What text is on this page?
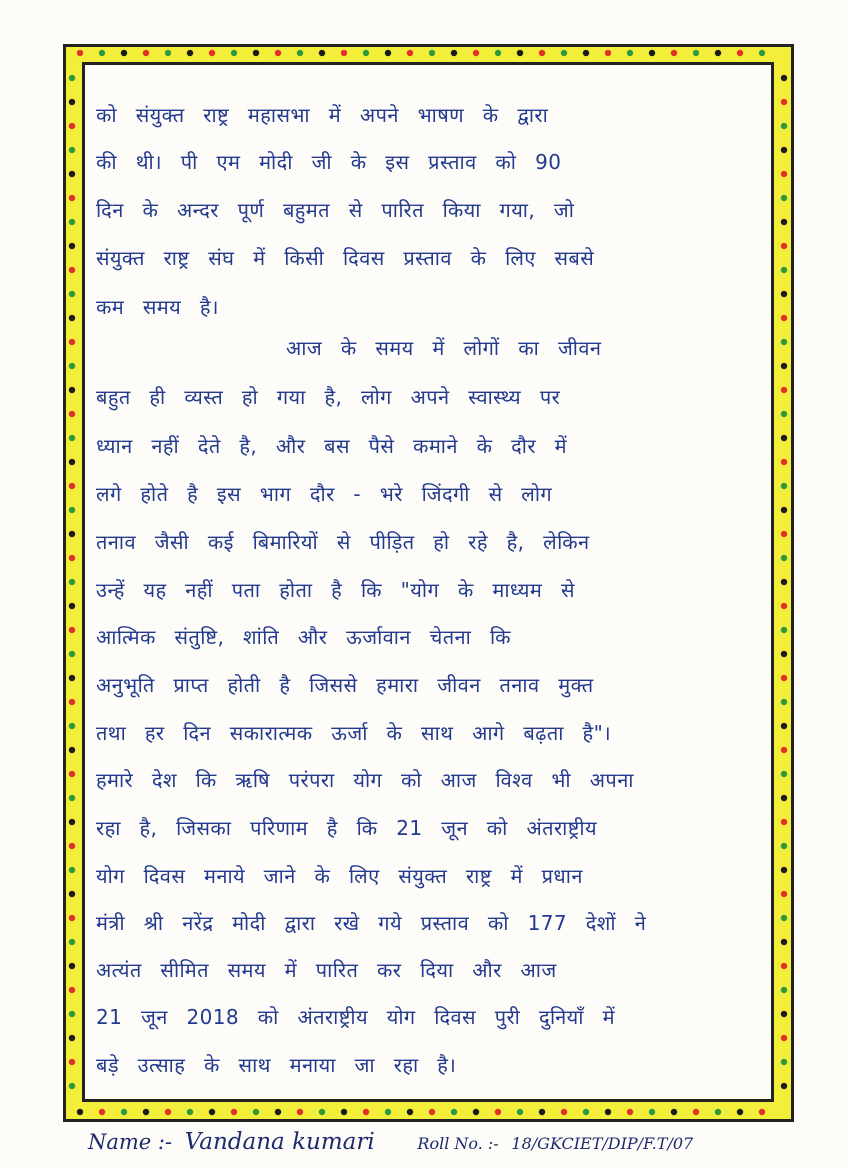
को संयुक्त राष्ट्र महासभा में अपने भाषण के द्वारा

की थी। पी एम मोदी जी के इस प्रस्ताव को 90

दिन के अन्दर पूर्ण बहुमत से पारित किया गया, जो

संयुक्त राष्ट्र संघ में किसी दिवस प्रस्ताव के लिए सबसे

कम समय है।

आज के समय में लोगों का जीवन

बहुत ही व्यस्त हो गया है, लोग अपने स्वास्थ्य पर

ध्यान नहीं देते है, और बस पैसे कमाने के दौर में

लगे होते है इस भाग दौर - भरे जिंदगी से लोग

तनाव जैसी कई बिमारियों से पीड़ित हो रहे है, लेकिन

उन्हें यह नहीं पता होता है कि "योग के माध्यम से

आत्मिक संतुष्टि, शांति और ऊर्जावान चेतना कि

अनुभूति प्राप्त होती है जिससे हमारा जीवन तनाव मुक्त

तथा हर दिन सकारात्मक ऊर्जा के साथ आगे बढ़ता है"।

हमारे देश कि ऋषि परंपरा योग को आज विश्व भी अपना

रहा है, जिसका परिणाम है कि 21 जून को अंतराष्ट्रीय

योग दिवस मनाये जाने के लिए संयुक्त राष्ट्र में प्रधान

मंत्री श्री नरेंद्र मोदी द्वारा रखे गये प्रस्ताव को 177 देशों ने

अत्यंत सीमित समय में पारित कर दिया और आज

21 जून 2018 को अंतराष्ट्रीय योग दिवस पुरी दुनियाँ में

बड़े उत्साह के साथ मनाया जा रहा है।

Name :- Vandana kumari	Roll No. :- 18/GKCIET/DIP/F.T/07
